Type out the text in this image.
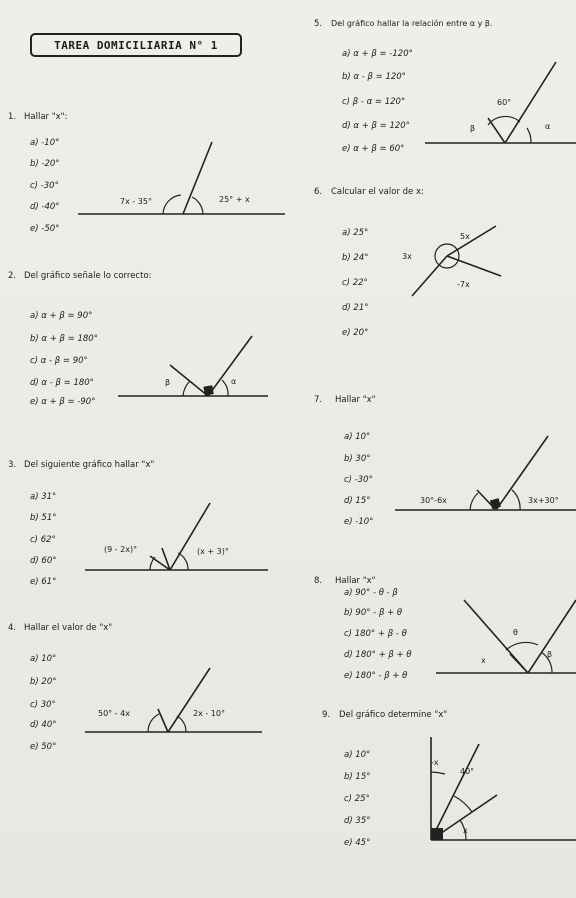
TAREA DOMICILIARIA N° 1
1. Hallar "x":
a) -10°
b) -20°
c) -30°
d) -40°
e) -50°
7x - 35°	25° + x
2. Del gráfico señale lo correcto:
a) α + β = 90°
b) α + β = 180°
c) α - β = 90°
d) α - β = 180°
e) α + β = -90°
β	α
3. Del siguiente gráfico hallar "x"
a) 31°
b) 51°
c) 62°
d) 60°
e) 61°
(9 - 2x)°	(x + 3)°
4. Hallar el valor de "x"
a) 10°
b) 20°
c) 30°
d) 40°
e) 50°
50° - 4x	2x - 10°
5. Del gráfico hallar la relación entre α y β.
a) α + β = -120°
b) α - β = 120°
c) β - α = 120°
d) α + β = 120°
e) α + β = 60°
60°
β	α
6. Calcular el valor de x:
a) 25°
b) 24°
c) 22°
d) 21°
e) 20°
5x
3x
-7x
7. Hallar "x"
a) 10°
b) 30°
c) -30°
d) 15°
e) -10°
30°-6x	3x+30°
8. Hallar "x"
a) 90° - θ - β
b) 90° - β + θ
c) 180° + β - θ
d) 180° + β + θ
e) 180° - β + θ
θ
x
β
9. Del gráfico determine "x"
a) 10°
b) 15°
c) 25°
d) 35°
e) 45°
-x
40°
x
